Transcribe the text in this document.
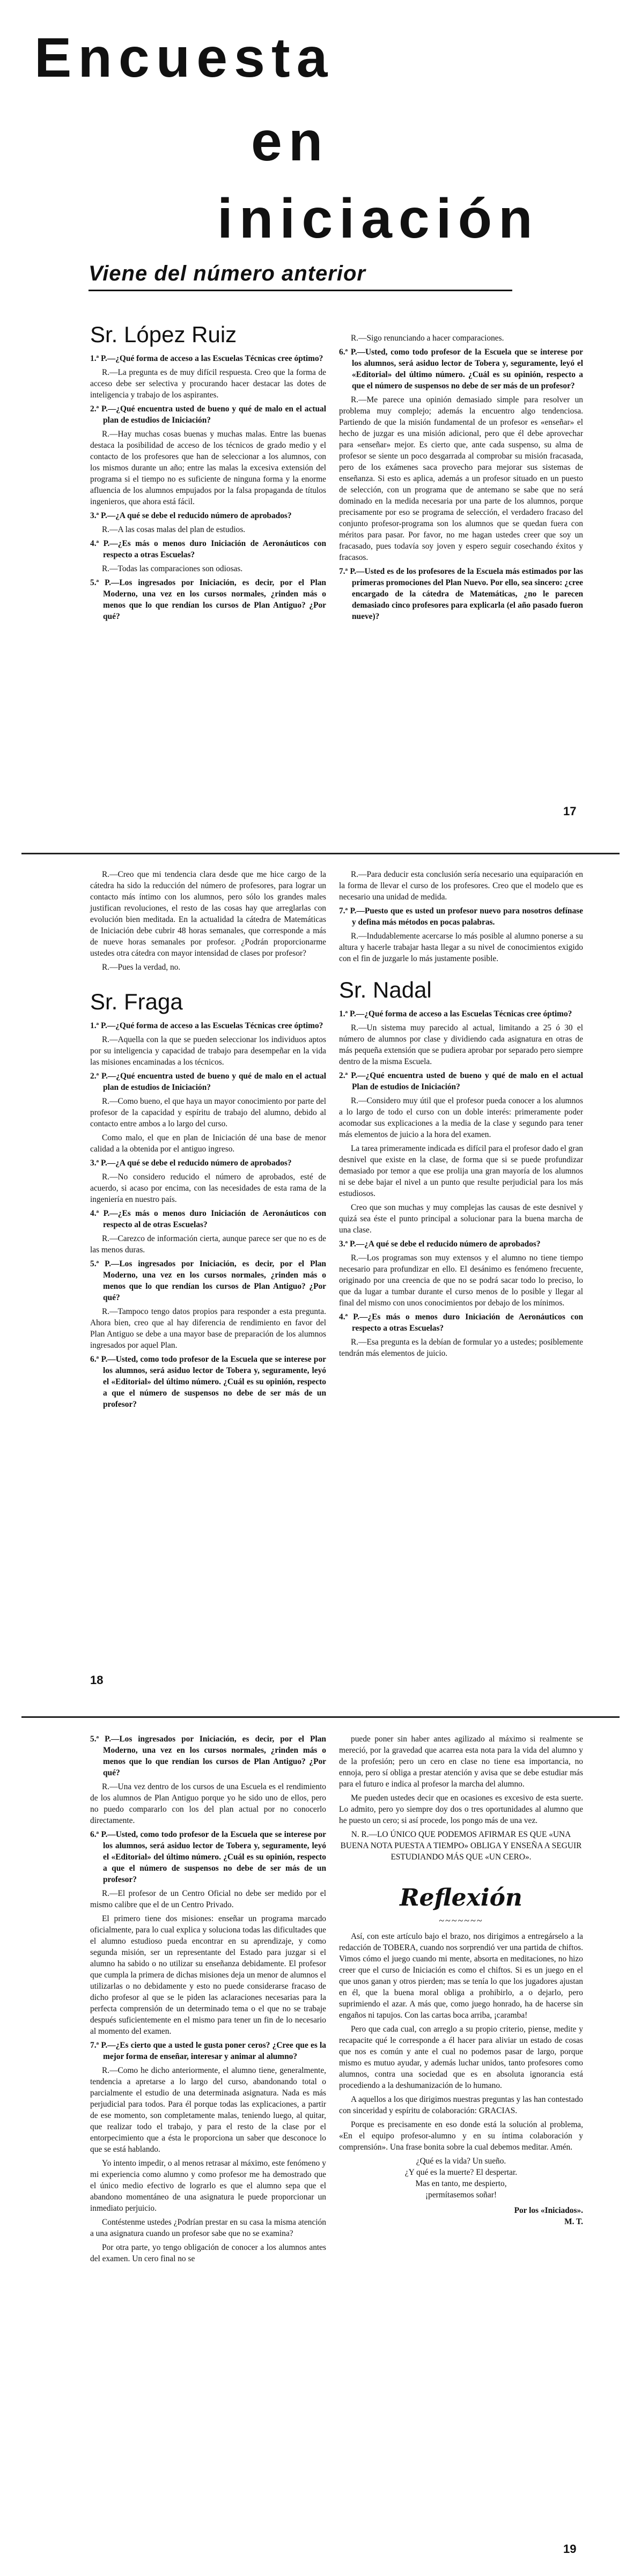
Encuesta
en
iniciación
Viene del número anterior
Sr. López Ruiz

1.ª P.—¿Qué forma de acceso a las Escuelas Técnicas cree óptimo?

R.—La pregunta es de muy difícil respuesta. Creo que la forma de acceso debe ser selectiva y procurando hacer destacar las dotes de inteligencia y trabajo de los aspirantes.

2.ª P.—¿Qué encuentra usted de bueno y qué de malo en el actual plan de estudios de Iniciación?

R.—Hay muchas cosas buenas y muchas malas. Entre las buenas destaca la posibilidad de acceso de los técnicos de grado medio y el contacto de los profesores que han de seleccionar a los alumnos, con los mismos durante un año; entre las malas la excesiva extensión del programa si el tiempo no es suficiente de ninguna forma y la enorme afluencia de los alumnos empujados por la falsa propaganda de títulos ingenieros, que ahora está fácil.

3.ª P.—¿A qué se debe el reducido número de aprobados?

R.—A las cosas malas del plan de estudios.

4.ª P.—¿Es más o menos duro Iniciación de Aeronáuticos con respecto a otras Escuelas?

R.—Todas las comparaciones son odiosas.

5.ª P.—Los ingresados por Iniciación, es decir, por el Plan Moderno, una vez en los cursos normales, ¿rinden más o menos que lo que rendían los cursos de Plan Antiguo? ¿Por qué?

R.—Sigo renunciando a hacer comparaciones.

6.ª P.—Usted, como todo profesor de la Escuela que se interese por los alumnos, será asiduo lector de Tobera y, seguramente, leyó el «Editorial» del último número. ¿Cuál es su opinión, respecto a que el número de suspensos no debe de ser más de un profesor?

R.—Me parece una opinión demasiado simple para resolver un problema muy complejo; además la encuentro algo tendenciosa. Partiendo de que la misión fundamental de un profesor es «enseñar» el hecho de juzgar es una misión adicional, pero que él debe aprovechar para «enseñar» mejor. Es cierto que, ante cada suspenso, su alma de profesor se siente un poco desgarrada al comprobar su misión fracasada, pero de los exámenes saca provecho para mejorar sus sistemas de enseñanza. Si esto es aplica, además a un profesor situado en un puesto de selección, con un programa que de antemano se sabe que no será dominado en la medida necesaria por una parte de los alumnos, porque precisamente por eso se programa de selección, el verdadero fracaso del conjunto profesor-programa son los alumnos que se quedan fuera con méritos para pasar. Por favor, no me hagan ustedes creer que soy un fracasado, pues todavía soy joven y espero seguir cosechando éxitos y fracasos.

7.ª P.—Usted es de los profesores de la Escuela más estimados por las primeras promociones del Plan Nuevo. Por ello, sea sincero: ¿cree encargado de la cátedra de Matemáticas, ¿no le parecen demasiado cinco profesores para explicarla (el año pasado fueron nueve)?

17

R.—Creo que mi tendencia clara desde que me hice cargo de la cátedra ha sido la reducción del número de profesores, para lograr un contacto más íntimo con los alumnos, pero sólo los grandes males justifican revoluciones, el resto de las cosas hay que arreglarlas con evolución bien meditada. En la actualidad la cátedra de Matemáticas de Iniciación debe cubrir 48 horas semanales, que corresponde a más de nueve horas semanales por profesor. ¿Podrán proporcionarme ustedes otra cátedra con mayor intensidad de clases por profesor?

R.—Pues la verdad, no.

Sr. Fraga

1.ª P.—¿Qué forma de acceso a las Escuelas Técnicas cree óptimo?

R.—Aquella con la que se pueden seleccionar los individuos aptos por su inteligencia y capacidad de trabajo para desempeñar en la vida las misiones encaminadas a los técnicos.

2.ª P.—¿Qué encuentra usted de bueno y qué de malo en el actual plan de estudios de Iniciación?

R.—Como bueno, el que haya un mayor conocimiento por parte del profesor de la capacidad y espíritu de trabajo del alumno, debido al contacto entre ambos a lo largo del curso.

Como malo, el que en plan de Iniciación dé una base de menor calidad a la obtenida por el antiguo ingreso.

3.ª P.—¿A qué se debe el reducido número de aprobados?

R.—No considero reducido el número de aprobados, esté de acuerdo, si acaso por encima, con las necesidades de esta rama de la ingeniería en nuestro país.

4.ª P.—¿Es más o menos duro Iniciación de Aeronáuticos con respecto al de otras Escuelas?

R.—Carezco de información cierta, aunque parece ser que no es de las menos duras.

5.ª P.—Los ingresados por Iniciación, es decir, por el Plan Moderno, una vez en los cursos normales, ¿rinden más o menos que lo que rendían los cursos de Plan Antiguo? ¿Por qué?

R.—Tampoco tengo datos propios para responder a esta pregunta. Ahora bien, creo que al hay diferencia de rendimiento en favor del Plan Antiguo se debe a una mayor base de preparación de los alumnos ingresados por aquel Plan.

6.ª P.—Usted, como todo profesor de la Escuela que se interese por los alumnos, será asiduo lector de Tobera y, seguramente, leyó el «Editorial» del último número. ¿Cuál es su opinión, respecto a que el número de suspensos no debe de ser más de un profesor?

R.—Para deducir esta conclusión sería necesario una equiparación en la forma de llevar el curso de los profesores. Creo que el modelo que es necesario una unidad de medida.

7.ª P.—Puesto que es usted un profesor nuevo para nosotros defínase y defina más métodos en pocas palabras.

R.—Indudablemente acercarse lo más posible al alumno ponerse a su altura y hacerle trabajar hasta llegar a su nivel de conocimientos exigido con el fin de juzgarle lo más justamente posible.

Sr. Nadal

1.ª P.—¿Qué forma de acceso a las Escuelas Técnicas cree óptimo?

R.—Un sistema muy parecido al actual, limitando a 25 ó 30 el número de alumnos por clase y dividiendo cada asignatura en otras de más pequeña extensión que se pudiera aprobar por separado pero siempre dentro de la misma Escuela.

2.ª P.—¿Qué encuentra usted de bueno y qué de malo en el actual Plan de estudios de Iniciación?

R.—Considero muy útil que el profesor pueda conocer a los alumnos a lo largo de todo el curso con un doble interés: primeramente poder acomodar sus explicaciones a la media de la clase y segundo para tener más elementos de juicio a la hora del examen.

La tarea primeramente indicada es difícil para el profesor dado el gran desnivel que existe en la clase, de forma que si se puede profundizar demasiado por temor a que ese prolija una gran mayoría de los alumnos ni se debe bajar el nivel a un punto que resulte perjudicial para los más estudiosos.

Creo que son muchas y muy complejas las causas de este desnivel y quizá sea éste el punto principal a solucionar para la buena marcha de una clase.

3.ª P.—¿A qué se debe el reducido número de aprobados?

R.—Los programas son muy extensos y el alumno no tiene tiempo necesario para profundizar en ello. El desánimo es fenómeno frecuente, originado por una creencia de que no se podrá sacar todo lo preciso, lo que da lugar a tumbar durante el curso menos de lo posible y llegar al final del mismo con unos conocimientos por debajo de los mínimos.

4.ª P.—¿Es más o menos duro Iniciación de Aeronáuticos con respecto a otras Escuelas?

R.—Esa pregunta es la debían de formular yo a ustedes; posiblemente tendrán más elementos de juicio.

18

5.ª P.—Los ingresados por Iniciación, es decir, por el Plan Moderno, una vez en los cursos normales, ¿rinden más o menos que lo que rendían los cursos de Plan Antiguo? ¿Por qué?

R.—Una vez dentro de los cursos de una Escuela es el rendimiento de los alumnos de Plan Antiguo porque yo he sido uno de ellos, pero no puedo compararlo con los del plan actual por no conocerlo directamente.

6.ª P.—Usted, como todo profesor de la Escuela que se interese por los alumnos, será asiduo lector de Tobera y, seguramente, leyó el «Editorial» del último número. ¿Cuál es su opinión, respecto a que el número de suspensos no debe de ser más de un profesor?

R.—El profesor de un Centro Oficial no debe ser medido por el mismo calibre que el de un Centro Privado.

El primero tiene dos misiones: enseñar un programa marcado oficialmente, para lo cual explica y soluciona todas las dificultades que el alumno estudioso pueda encontrar en su aprendizaje, y como segunda misión, ser un representante del Estado para juzgar si el alumno ha sabido o no utilizar su enseñanza debidamente. El profesor que cumpla la primera de dichas misiones deja un menor de alumnos el utilizarlas o no debidamente y esto no puede considerarse fracaso de dicho profesor al que se le piden las aclaraciones necesarias para la perfecta comprensión de un determinado tema o el que no se trabaje después suficientemente en el mismo para tener un fin de lo necesario al momento del examen.

7.ª P.—¿Es cierto que a usted le gusta poner ceros? ¿Cree que es la mejor forma de enseñar, interesar y animar al alumno?

R.—Como he dicho anteriormente, el alumno tiene, generalmente, tendencia a apretarse a lo largo del curso, abandonando total o parcialmente el estudio de una determinada asignatura. Nada es más perjudicial para todos. Para él porque todas las explicaciones, a partir de ese momento, son completamente malas, teniendo luego, al quitar, que realizar todo el trabajo, y para el resto de la clase por el entorpecimiento que a ésta le proporciona un saber que desconoce lo que se está hablando.

Yo intento impedir, o al menos retrasar al máximo, este fenómeno y mi experiencia como alumno y como profesor me ha demostrado que el único medio efectivo de lograrlo es que el alumno sepa que el abandono momentáneo de una asignatura le puede proporcionar un inmediato perjuicio.

Contéstenme ustedes ¿Podrían prestar en su casa la misma atención a una asignatura cuando un profesor sabe que no se examina?

Por otra parte, yo tengo obligación de conocer a los alumnos antes del examen. Un cero final no se

puede poner sin haber antes agilizado al máximo si realmente se mereció, por la gravedad que acarrea esta nota para la vida del alumno y de la profesión; pero un cero en clase no tiene esa importancia, no ennoja, pero sí obliga a prestar atención y avisa que se debe estudiar más para el futuro e indica al profesor la marcha del alumno.

Me pueden ustedes decir que en ocasiones es excesivo de esta suerte. Lo admito, pero yo siempre doy dos o tres oportunidades al alumno que he puesto un cero; si así procede, los pongo más de una vez.

N. R.—LO ÚNICO QUE PODEMOS AFIRMAR ES QUE «UNA BUENA NOTA PUESTA A TIEMPO» OBLIGA Y ENSEÑA A SEGUIR ESTUDIANDO MÁS QUE «UN CERO».

Reflexión
~~~~~~~

Así, con este artículo bajo el brazo, nos dirigimos a entregárselo a la redacción de TOBERA, cuando nos sorprendió ver una partida de chiftos. Vimos cómo el juego cuando mi mente, absorta en meditaciones, no hizo creer que el curso de Iniciación es como el chiftos. Si es un juego en el que unos ganan y otros pierden; mas se tenía lo que los jugadores ajustan en él, que la buena moral obliga a prohibirlo, a o dejarlo, pero suprimiendo el azar. A más que, como juego honrado, ha de hacerse sin engaños ni tapujos. Con las cartas boca arriba, ¡caramba!

Pero que cada cual, con arreglo a su propio criterio, piense, medite y recapacite qué le corresponde a él hacer para aliviar un estado de cosas que nos es común y ante el cual no podemos pasar de largo, porque mismo es mutuo ayudar, y además luchar unidos, tanto profesores como alumnos, contra una sociedad que es en absoluta ignorancia está procediendo a la deshumanización de lo humano.

A aquellos a los que dirigimos nuestras preguntas y las han contestado con sinceridad y espíritu de colaboración: GRACIAS.

Porque es precisamente en eso donde está la solución al problema, «En el equipo profesor-alumno y en su íntima colaboración y comprensión». Una frase bonita sobre la cual debemos meditar. Amén.

¿Qué es la vida? Un sueño.

¿Y qué es la muerte? El despertar.

Mas en tanto, me despierto,

¡permítasemos soñar!

Por los «Iniciados».
M. T.
19
